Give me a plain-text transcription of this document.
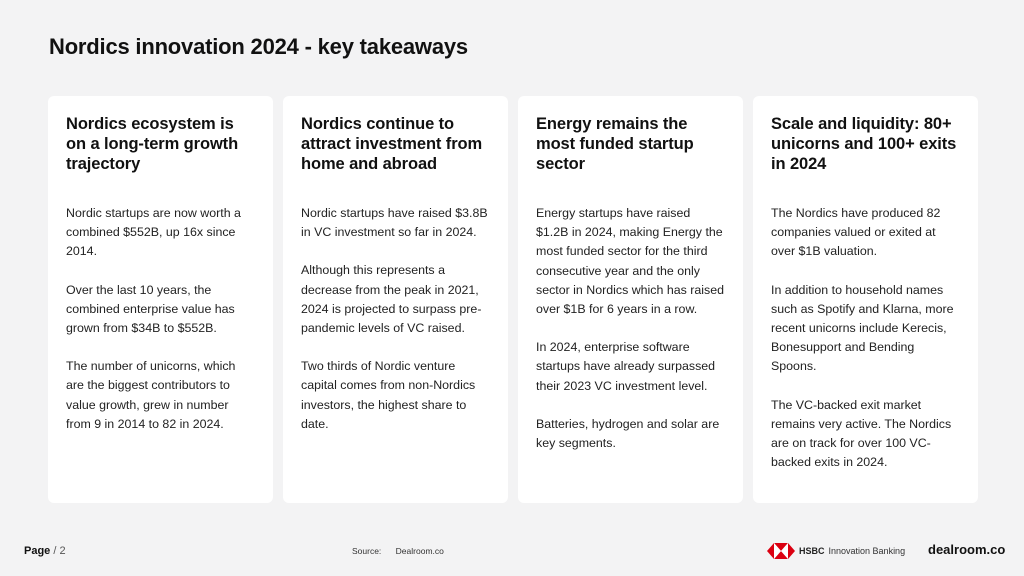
Nordics innovation 2024 - key takeaways
Nordics ecosystem is on a long-term growth trajectory

Nordic startups are now worth a combined $552B, up 16x since 2014.

Over the last 10 years, the combined enterprise value has grown from $34B to $552B.

The number of unicorns, which are the biggest contributors to value growth, grew in number from 9 in 2014 to 82 in 2024.

Nordics continue to attract investment from home and abroad

Nordic startups have raised $3.8B in VC investment so far in 2024.

Although this represents a decrease from the peak in 2021, 2024 is projected to surpass pre-pandemic levels of VC raised.

Two thirds of Nordic venture capital comes from non-Nordics investors, the highest share to date.

Energy remains the most funded startup sector

Energy startups have raised $1.2B in 2024, making Energy the most funded sector for the third consecutive year and the only sector in Nordics which has raised over $1B for 6 years in a row.

In 2024, enterprise software startups have already surpassed their 2023 VC investment level.

Batteries, hydrogen and solar are key segments.

Scale and liquidity: 80+ unicorns and 100+ exits in 2024

The Nordics have produced 82 companies valued or exited at over $1B valuation.

In addition to household names such as Spotify and Klarna, more recent unicorns include Kerecis, Bonesupport and Bending Spoons.

The VC-backed exit market remains very active. The Nordics are on track for over 100 VC-backed exits in 2024.

Page / 2	Source: Dealroom.co	HSBC Innovation Banking dealroom.co
